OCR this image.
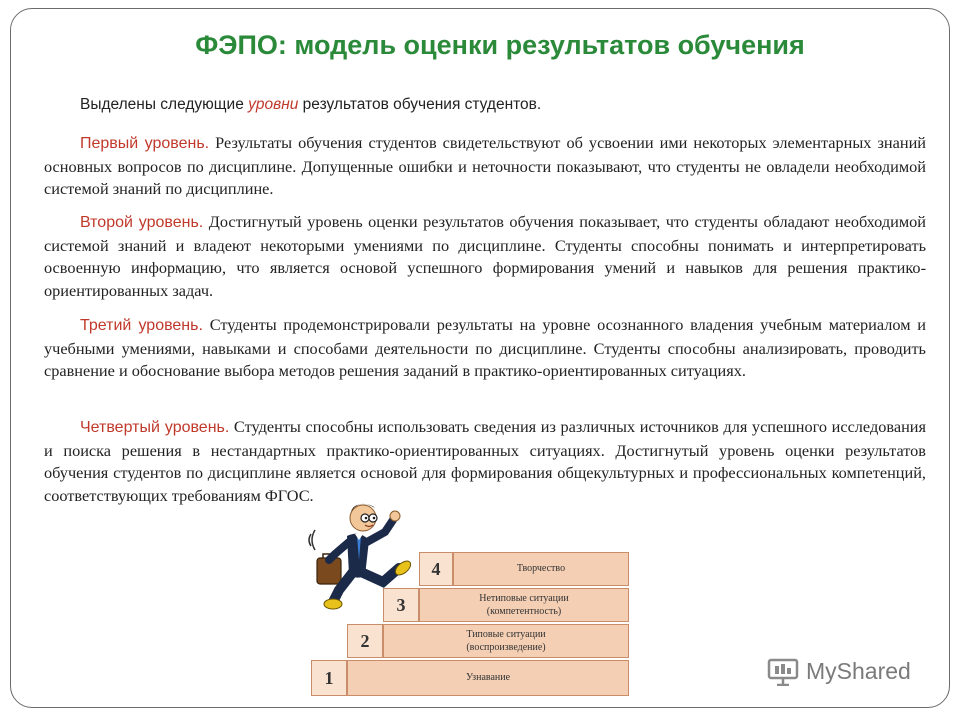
ФЭПО: модель оценки результатов обучения
Выделены следующие уровни результатов обучения студентов.

Первый уровень. Результаты обучения студентов свидетельствуют об усвоении ими некоторых элементарных знаний основных вопросов по дисциплине. Допущенные ошибки и неточности показывают, что студенты не овладели необходимой системой знаний по дисциплине.

Второй уровень. Достигнутый уровень оценки результатов обучения показывает, что студенты обладают необходимой системой знаний и владеют некоторыми умениями по дисциплине. Студенты способны понимать и интерпретировать освоенную информацию, что является основой успешного формирования умений и навыков для решения практико-ориентированных задач.

Третий уровень. Студенты продемонстрировали результаты на уровне осознанного владения учебным материалом и учебными умениями, навыками и способами деятельности по дисциплине. Студенты способны анализировать, проводить сравнение и обоснование выбора методов решения заданий в практико-ориентированных ситуациях.

Четвертый уровень. Студенты способны использовать сведения из различных источников для успешного исследования и поиска решения в нестандартных практико-ориентированных ситуациях. Достигнутый уровень оценки результатов обучения студентов по дисциплине является основой для формирования общекультурных и профессиональных компетенций, соответствующих требованиям ФГОС.

4	Творчество
3	Нетиповые ситуации
(компетентность)
2	Типовые ситуации
(воспроизведение)
1	Узнавание	MyShared
